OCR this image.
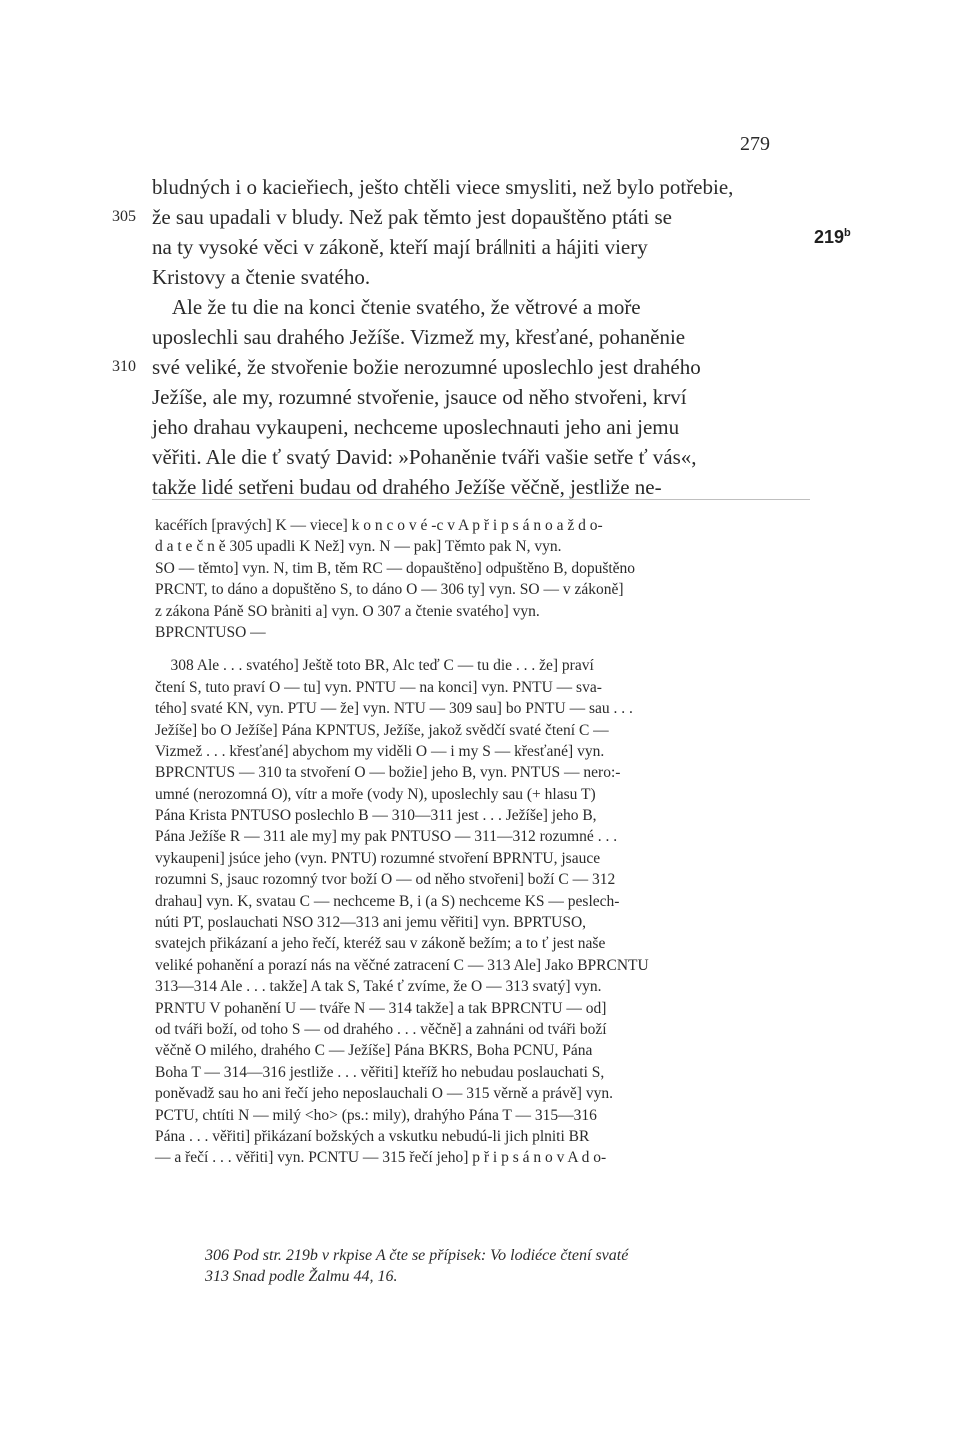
279
bludných i o kacieřiech, ješto chtěli viece smysliti, než bylo potřebie,
305 že sau upadali v bludy. Než pak těmto jest dopauštěno ptáti se
na ty vysoké věci v zákoně, kteří mají brá‖niti a hájiti viery
Kristovy a čtenie svatého.
Ale že tu die na konci čtenie svatého, že větrové a moře
uposlechli sau drahého Ježíše. Vizmež my, křesťané, pohaněnie
310 své veliké, že stvořenie božie nerozumné uposlechlo jest drahého
Ježíše, ale my, rozumné stvořenie, jsauce od něho stvořeni, krví
jeho drahau vykaupeni, nechceme uposlechnauti jeho ani jemu
věřiti. Ale die ť svatý David: »Pohaněnie tváři vašie setře ť vás«,
takže lidé setřeni budau od drahého Ježíše věčně, jestliže ne-
219$^b$
kacéřích [pravých] K — viece] k o n c o v é -c v A p ř i p s á n o a ž d o-
d a t e č n ě 305 upadli K Než] vyn. N — pak] Těmto pak N, vyn.
SO — těmto] vyn. N, tim B, těm RC — dopauštěno] odpuštěno B, dopuštěno
PRCNT, to dáno a dopuštěno S, to dáno O — 306 ty] vyn. SO — v zákoně]
z zákona Páně SO bràniti a] vyn. O 307 a čtenie svatého] vyn.
BPRCNTUSO —
308 Ale . . . svatého] Ještě toto BR, Alc teď C — tu die . . . že] praví
čtení S, tuto praví O — tu] vyn. PNTU — na konci] vyn. PNTU — sva-
tého] svaté KN, vyn. PTU — že] vyn. NTU — 309 sau] bo PNTU — sau . . .
Ježíše] bo O Ježíše] Pána KPNTUS, Ježíše, jakož svědčí svaté čtení C —
Vizmež . . . křesťané] abychom my viděli O — i my S — křesťané] vyn.
BPRCNTUS — 310 ta stvoření O — božie] jeho B, vyn. PNTUS — nero:-
umné (nerozomná O), vítr a moře (vody N), uposlechly sau (+ hlasu T)
Pána Krista PNTUSO poslechlo B — 310—311 jest . . . Ježíše] jeho B,
Pána Ježíše R — 311 ale my] my pak PNTUSO — 311—312 rozumné . . .
vykaupeni] jsúce jeho (vyn. PNTU) rozumné stvoření BPRNTU, jsauce
rozumni S, jsauc rozomný tvor boží O — od něho stvořeni] boží C — 312
drahau] vyn. K, svatau C — nechceme B, i (a S) nechceme KS — peslech-
núti PT, poslauchati NSO 312—313 ani jemu věřiti] vyn. BPRTUSO,
svatejch přikázaní a jeho řečí, kteréž sau v zákoně bežím; a to ť jest naše
veliké pohanění a porazí nás na věčné zatracení C — 313 Ale] Jako BPRCNTU
313—314 Ale . . . takže] A tak S, Také ť zvíme, že O — 313 svatý] vyn.
PRNTU V pohanění U — tváře N — 314 takže] a tak BPRCNTU — od]
od tváři boží, od toho S — od drahého . . . věčně] a zahnáni od tváři boží
věčně O milého, drahého C — Ježíše] Pána BKRS, Boha PCNU, Pána
Boha T — 314—316 jestliže . . . věřiti] kteříž ho nebudau poslauchati S,
poněvadž sau ho ani řečí jeho neposlauchali O — 315 věrně a právě] vyn.
PCTU, chtíti N — milý <ho> (ps.: mily), drahýho Pána T — 315—316
Pána . . . věřiti] přikázaní božských a vskutku nebudú-li jich plniti BR
— a řečí . . . věřiti] vyn. PCNTU — 315 řečí jeho] p ř i p s á n o v A d o-
306 Pod str. 219b v rkpise A čte se přípisek: Vo lodiéce čtení svaté
313 Snad podle Žalmu 44, 16.
